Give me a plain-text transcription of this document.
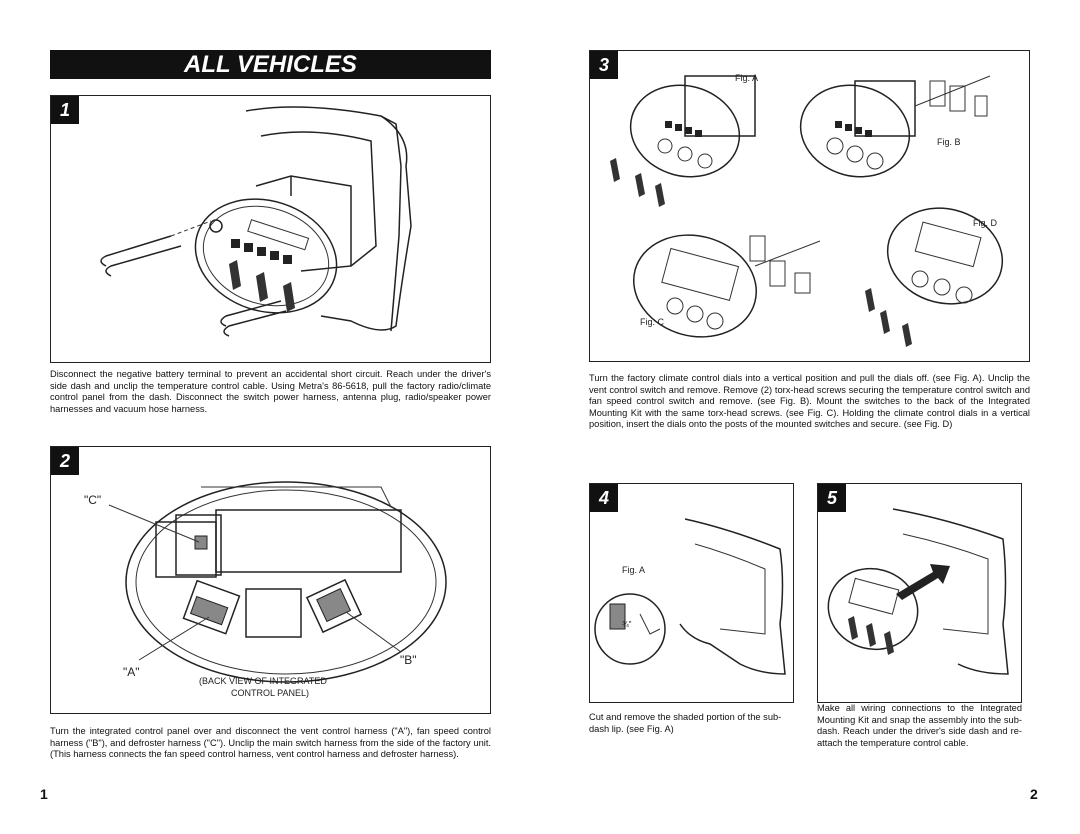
ALL VEHICLES
1
Disconnect the negative battery terminal to prevent an accidental short circuit. Reach under the driver's side dash and unclip the temperature control cable. Using Metra's 86-5618, pull the factory radio/climate control panel from the dash. Disconnect the switch power harness, antenna plug, radio/speaker power harnesses and vacuum hose harness.
2
"C"
"A"
"B"
(BACK VIEW OF INTEGRATED
CONTROL PANEL)
Turn the integrated control panel over and disconnect the vent control harness ("A"), fan speed control harness ("B"), and defroster harness ("C"). Unclip the main switch harness from the side of the factory unit. (This harness connects the fan speed control harness, vent control harness and defroster harness).
3
Fig. A
Fig. B
Fig. C
Fig. D
Turn the factory climate control dials into a vertical position and pull the dials off. (see Fig. A). Unclip the vent control switch and remove. Remove (2) torx-head screws securing the temperature control switch and fan speed control switch and remove. (see Fig. B). Mount the switches to the back of the Integrated Mounting Kit with the same torx-head screws. (see Fig. C). Holding the climate control dials in a vertical position, insert the dials onto the posts of the mounted switches and secure. (see Fig. D)
4
Fig. A
¾"
Cut and remove the shaded portion of the sub-dash lip. (see Fig. A)
5
Make all wiring connections to the Integrated Mounting Kit and snap the assembly into the sub-dash. Reach under the driver's side dash and re-attach the temperature control cable.
1	2
